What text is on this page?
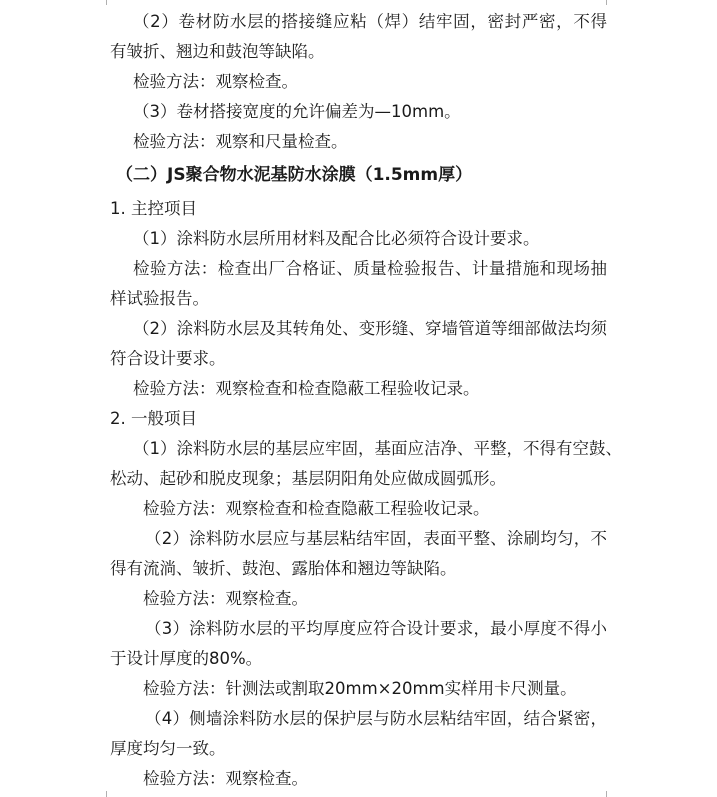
（2）卷材防水层的搭接缝应粘（焊）结牢固，密封严密，不得
有皱折、翘边和鼓泡等缺陷。
检验方法：观察检查。
（3）卷材搭接宽度的允许偏差为—10mm。
检验方法：观察和尺量检查。
（二）JS聚合物水泥基防水涂膜（1.5mm厚）
1. 主控项目
（1）涂料防水层所用材料及配合比必须符合设计要求。
检验方法：检查出厂合格证、质量检验报告、计量措施和现场抽
样试验报告。
（2）涂料防水层及其转角处、变形缝、穿墙管道等细部做法均须
符合设计要求。
检验方法：观察检查和检查隐蔽工程验收记录。
2. 一般项目
（1）涂料防水层的基层应牢固，基面应洁净、平整，不得有空鼓、
松动、起砂和脱皮现象；基层阴阳角处应做成圆弧形。
检验方法：观察检查和检查隐蔽工程验收记录。
（2）涂料防水层应与基层粘结牢固，表面平整、涂刷均匀，不
得有流淌、皱折、鼓泡、露胎体和翘边等缺陷。
检验方法：观察检查。
（3）涂料防水层的平均厚度应符合设计要求，最小厚度不得小
于设计厚度的80%。
检验方法：针测法或割取20mm×20mm实样用卡尺测量。
（4）侧墙涂料防水层的保护层与防水层粘结牢固，结合紧密，
厚度均匀一致。
检验方法：观察检查。
